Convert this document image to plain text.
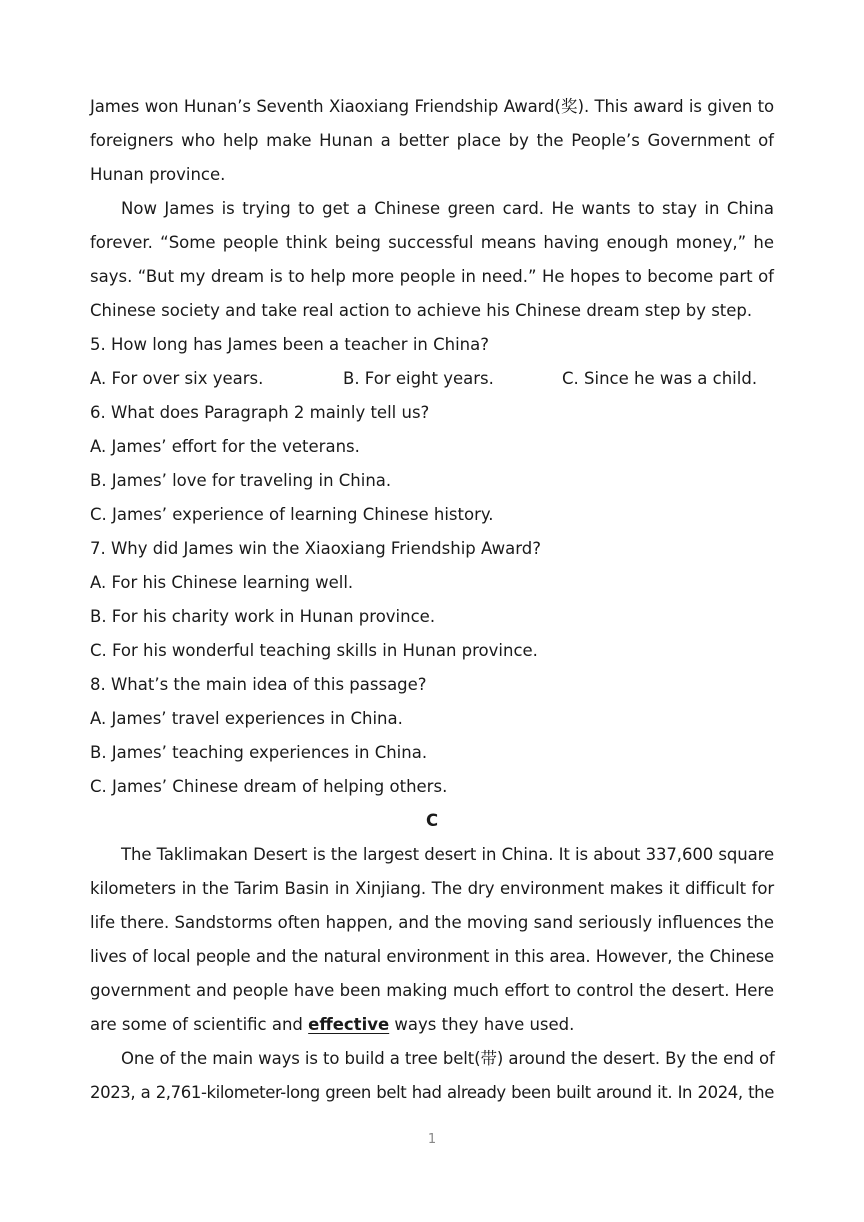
James won Hunan’s Seventh Xiaoxiang Friendship Award(奖). This award is given to
foreigners who help make Hunan a better place by the People’s Government of
Hunan province.
Now James is trying to get a Chinese green card. He wants to stay in China
forever. “Some people think being successful means having enough money,” he
says. “But my dream is to help more people in need.” He hopes to become part of
Chinese society and take real action to achieve his Chinese dream step by step.
5. How long has James been a teacher in China?
A. For over six years.	B. For eight years.	C. Since he was a child.
6. What does Paragraph 2 mainly tell us?
A. James’ effort for the veterans.
B. James’ love for traveling in China.
C. James’ experience of learning Chinese history.
7. Why did James win the Xiaoxiang Friendship Award?
A. For his Chinese learning well.
B. For his charity work in Hunan province.
C. For his wonderful teaching skills in Hunan province.
8. What’s the main idea of this passage?
A. James’ travel experiences in China.
B. James’ teaching experiences in China.
C. James’ Chinese dream of helping others.
C
The Taklimakan Desert is the largest desert in China. It is about 337,600 square
kilometers in the Tarim Basin in Xinjiang. The dry environment makes it difficult for
life there. Sandstorms often happen, and the moving sand seriously influences the
lives of local people and the natural environment in this area. However, the Chinese
government and people have been making much effort to control the desert. Here
are some of scientific and effective ways they have used.
One of the main ways is to build a tree belt(带) around the desert. By the end of
2023, a 2,761-kilometer-long green belt had already been built around it. In 2024, the
1
